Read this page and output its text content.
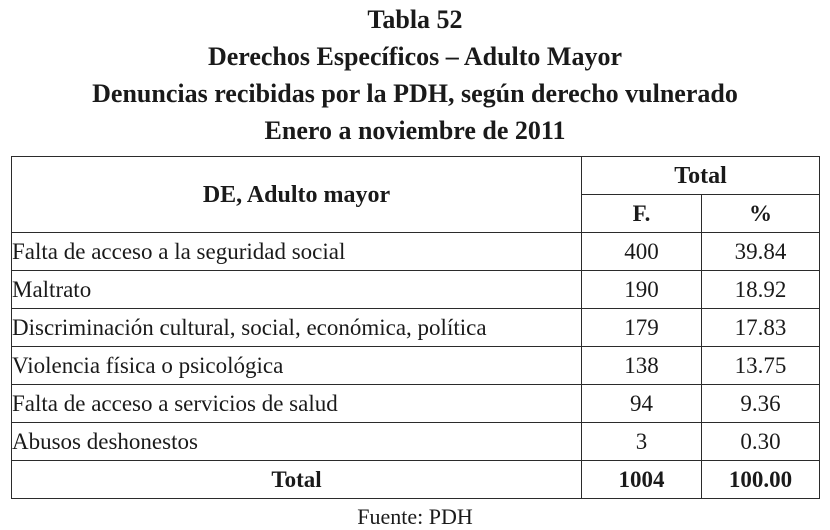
Tabla 52
Derechos Específicos – Adulto Mayor
Denuncias recibidas por la PDH, según derecho vulnerado
Enero a noviembre de 2011
DE, Adulto mayor	Total	
	F.	%
Falta de acceso a la seguridad social	400	39.84
Maltrato	190	18.92
Discriminación cultural, social, económica, política	179	17.83
Violencia física o psicológica	138	13.75
Falta de acceso a servicios de salud	94	9.36
Abusos deshonestos	3	0.30
Total	1004	100.00
Fuente: PDH
